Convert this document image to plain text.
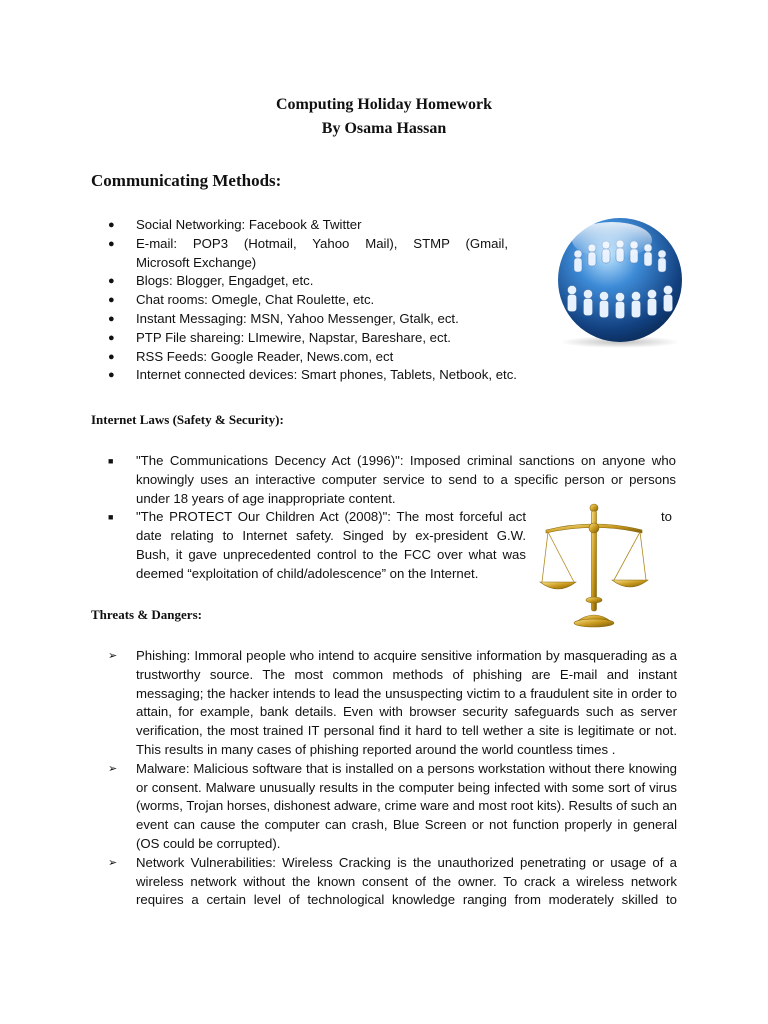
Computing Holiday Homework
By Osama Hassan
Communicating Methods:
●	Social Networking: Facebook & Twitter
●	E-mail: POP3 (Hotmail, Yahoo Mail), STMP (Gmail,
Microsoft Exchange)
●	Blogs: Blogger, Engadget, etc.
●	Chat rooms: Omegle, Chat Roulette, etc.
●	Instant Messaging: MSN, Yahoo Messenger, Gtalk, ect.
●	PTP File shareing: LImewire, Napstar, Bareshare, ect.
●	RSS Feeds: Google Reader, News.com, ect
●	Internet connected devices: Smart phones, Tablets, Netbook, etc.
Internet Laws (Safety & Security):
■	"The Communications Decency Act (1996)": Imposed criminal sanctions on anyone who knowingly uses an interactive computer service to send to a specific person or persons under 18 years of age inappropriate content.
■	"The PROTECT Our Children Act (2008)": The most forceful act	to
date relating to Internet safety. Singed by ex-president G.W.
Bush, it gave unprecedented control to the FCC over what was
deemed “exploitation of child/adolescence” on the Internet.
Threats & Dangers:
➢	Phishing: Immoral people who intend to acquire sensitive information by masquerading as a trustworthy source. The most common methods of phishing are E-mail and instant messaging; the hacker intends to lead the unsuspecting victim to a fraudulent site in order to attain, for example, bank details. Even with browser security safeguards such as server verification, the most trained IT personal find it hard to tell wether a site is legitimate or not. This results in many cases of phishing reported around the world countless times .
➢	Malware: Malicious software that is installed on a persons workstation without there knowing or consent. Malware unusually results in the computer being infected with some sort of virus (worms, Trojan horses, dishonest adware, crime ware and most root kits). Results of such an event can cause the computer can crash, Blue Screen or not function properly in general (OS could be corrupted).
➢	Network Vulnerabilities: Wireless Cracking is the unauthorized penetrating or usage of a wireless network without the known consent of the owner. To crack a wireless network requires a certain level of technological knowledge ranging from moderately skilled to
